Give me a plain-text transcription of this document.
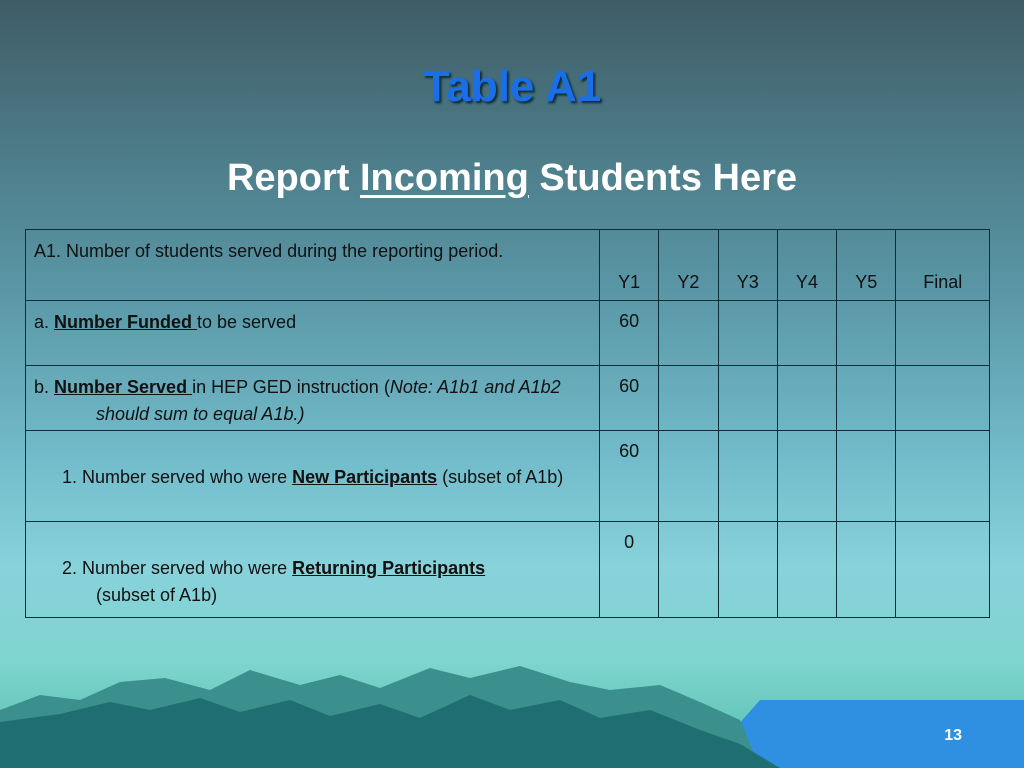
Table A1
Report Incoming Students Here
A1. Number of students served during the reporting period.	Y1	Y2	Y3	Y4	Y5	Final

a. Number Funded to be served	60					

b. Number Served in HEP GED instruction (Note: A1b1 and A1b2 should sum to equal A1b.)	60					

1. Number served who were New Participants (subset of A1b)	60					

2. Number served who were Returning Participants (subset of A1b)	0					

13
